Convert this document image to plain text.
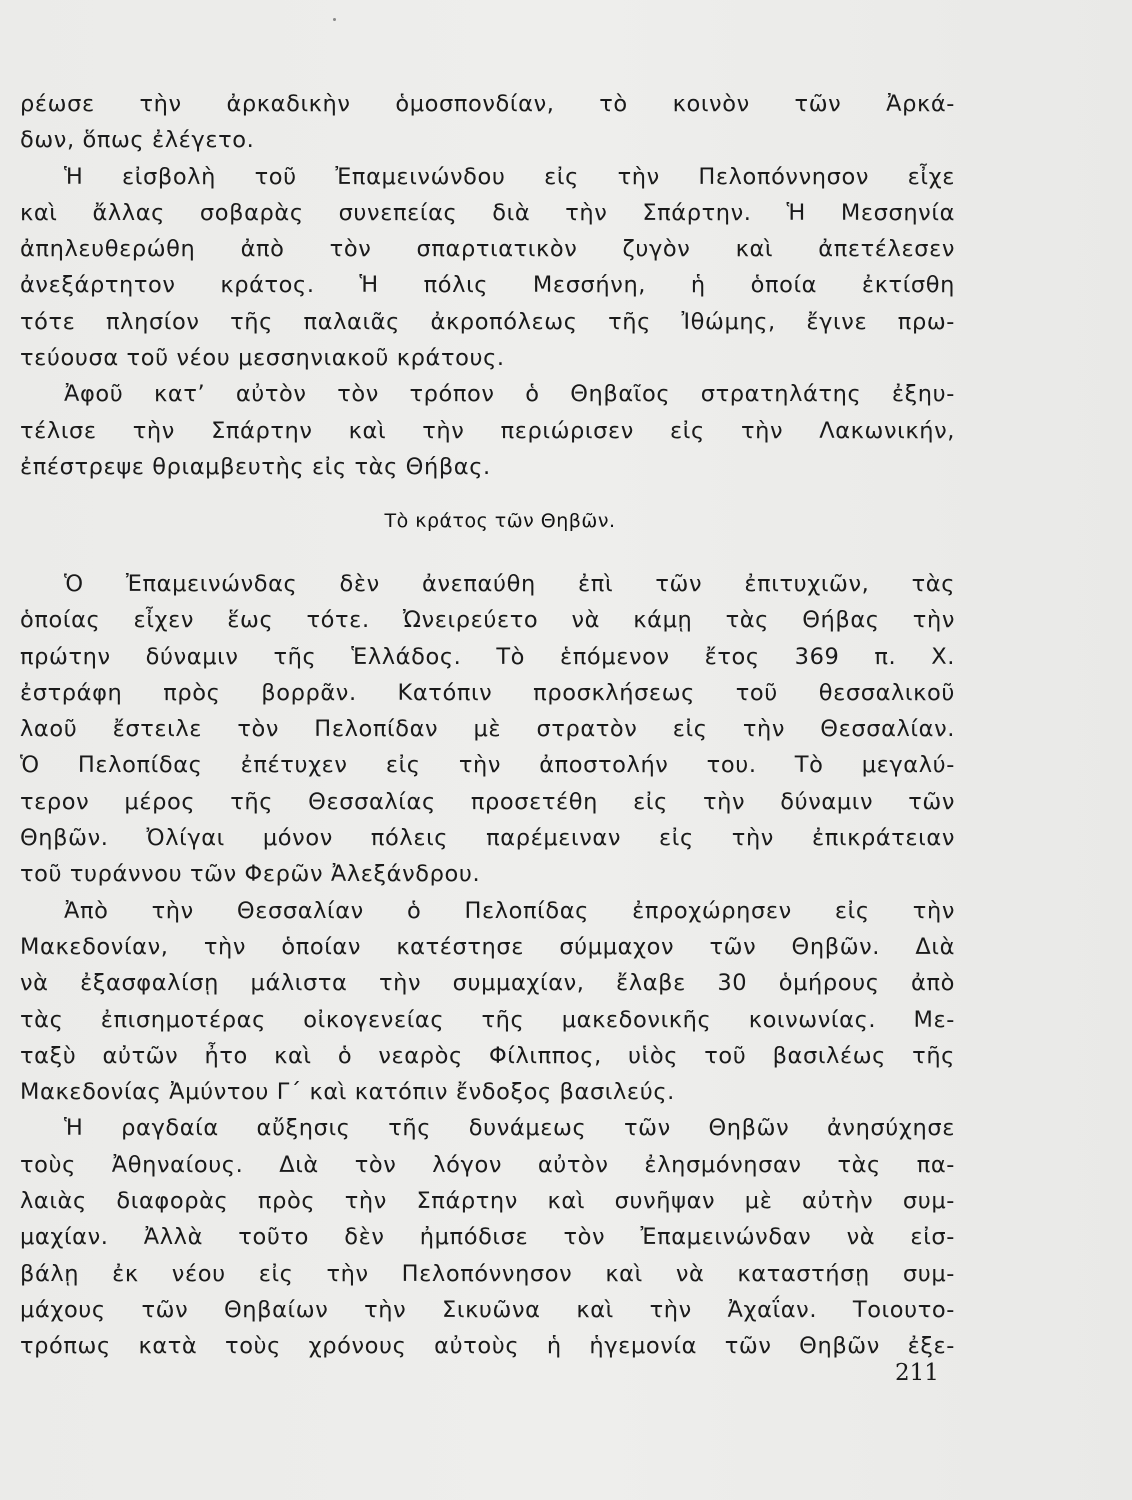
ρέωσε τὴν ἀρκαδικὴν ὁμοσπονδίαν, τὸ κοινὸν τῶν Ἀρκά-
δων, ὅπως ἐλέγετο.
Ἡ εἰσβολὴ τοῦ Ἐπαμεινώνδου εἰς τὴν Πελοπόννησον εἶχε
καὶ ἄλλας σοβαρὰς συνεπείας διὰ τὴν Σπάρτην. Ἡ Μεσσηνία
ἀπηλευθερώθη ἀπὸ τὸν σπαρτιατικὸν ζυγὸν καὶ ἀπετέλεσεν
ἀνεξάρτητον κράτος. Ἡ πόλις Μεσσήνη, ἡ ὁποία ἐκτίσθη
τότε πλησίον τῆς παλαιᾶς ἀκροπόλεως τῆς Ἰθώμης, ἔγινε πρω-
τεύουσα τοῦ νέου μεσσηνιακοῦ κράτους.
Ἀφοῦ κατ’ αὐτὸν τὸν τρόπον ὁ Θηβαῖος στρατηλάτης ἐξηυ-
τέλισε τὴν Σπάρτην καὶ τὴν περιώρισεν εἰς τὴν Λακωνικήν,
ἐπέστρεψε θριαμβευτὴς εἰς τὰς Θήβας.
Τὸ κράτος τῶν Θηβῶν.
Ὁ Ἐπαμεινώνδας δὲν ἀνεπαύθη ἐπὶ τῶν ἐπιτυχιῶν, τὰς
ὁποίας εἶχεν ἕως τότε. Ὠνειρεύετο νὰ κάμῃ τὰς Θήβας τὴν
πρώτην δύναμιν τῆς Ἑλλάδος. Τὸ ἑπόμενον ἔτος 369 π. Χ.
ἐστράφη πρὸς βορρᾶν. Κατόπιν προσκλήσεως τοῦ θεσσαλικοῦ
λαοῦ ἔστειλε τὸν Πελοπίδαν μὲ στρατὸν εἰς τὴν Θεσσαλίαν.
Ὁ Πελοπίδας ἐπέτυχεν εἰς τὴν ἀποστολήν του. Τὸ μεγαλύ-
τερον μέρος τῆς Θεσσαλίας προσετέθη εἰς τὴν δύναμιν τῶν
Θηβῶν. Ὀλίγαι μόνον πόλεις παρέμειναν εἰς τὴν ἐπικράτειαν
τοῦ τυράννου τῶν Φερῶν Ἀλεξάνδρου.
Ἀπὸ τὴν Θεσσαλίαν ὁ Πελοπίδας ἐπροχώρησεν εἰς τὴν
Μακεδονίαν, τὴν ὁποίαν κατέστησε σύμμαχον τῶν Θηβῶν. Διὰ
νὰ ἐξασφαλίσῃ μάλιστα τὴν συμμαχίαν, ἔλαβε 30 ὁμήρους ἀπὸ
τὰς ἐπισημοτέρας οἰκογενείας τῆς μακεδονικῆς κοινωνίας. Με-
ταξὺ αὐτῶν ἦτο καὶ ὁ νεαρὸς Φίλιππος, υἱὸς τοῦ βασιλέως τῆς
Μακεδονίας Ἀμύντου Γ΄ καὶ κατόπιν ἔνδοξος βασιλεύς.
Ἡ ραγδαία αὔξησις τῆς δυνάμεως τῶν Θηβῶν ἀνησύχησε
τοὺς Ἀθηναίους. Διὰ τὸν λόγον αὐτὸν ἐλησμόνησαν τὰς πα-
λαιὰς διαφορὰς πρὸς τὴν Σπάρτην καὶ συνῆψαν μὲ αὐτὴν συμ-
μαχίαν. Ἀλλὰ τοῦτο δὲν ἠμπόδισε τὸν Ἐπαμεινώνδαν νὰ εἰσ-
βάλῃ ἐκ νέου εἰς τὴν Πελοπόννησον καὶ νὰ καταστήσῃ συμ-
μάχους τῶν Θηβαίων τὴν Σικυῶνα καὶ τὴν Ἀχαΐαν. Τοιουτο-
τρόπως κατὰ τοὺς χρόνους αὐτοὺς ἡ ἡγεμονία τῶν Θηβῶν ἐξε-
211
